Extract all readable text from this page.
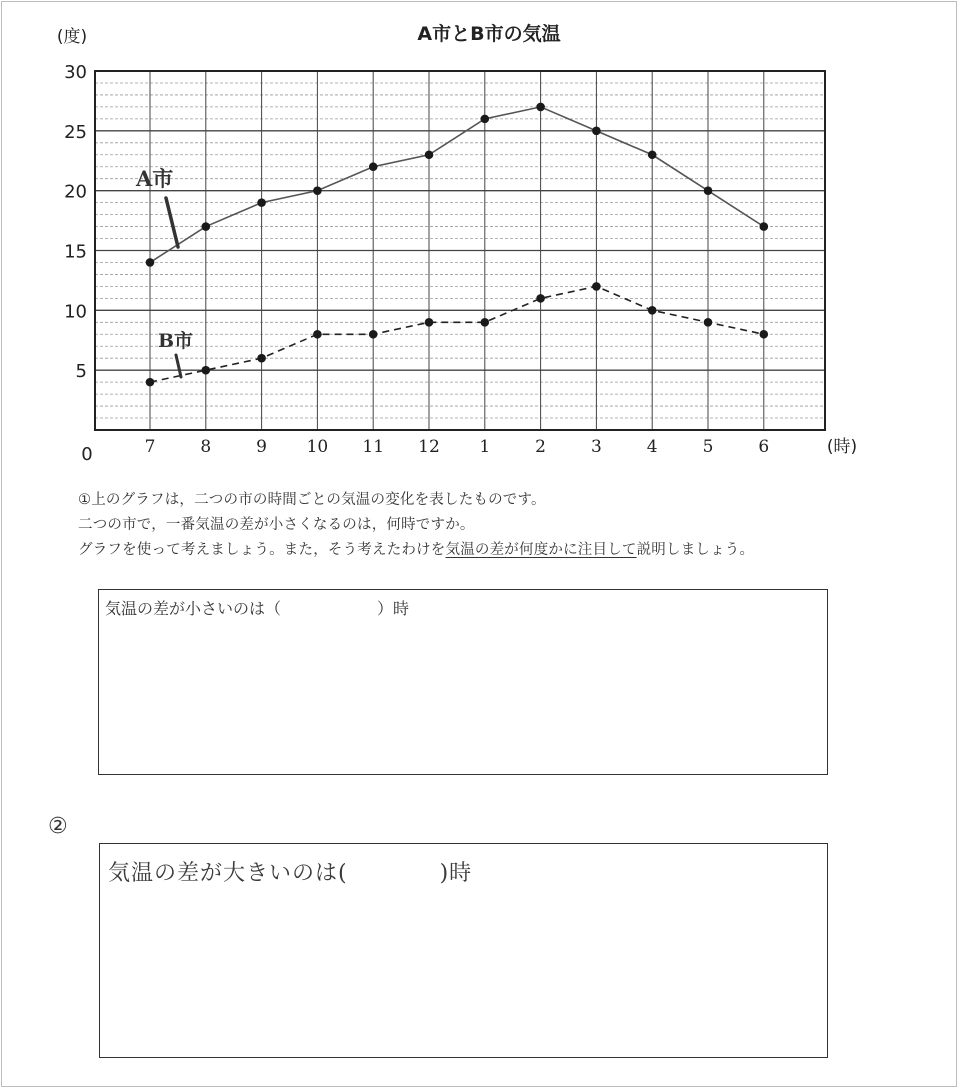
A市とB市の気温
(度)
(時)
0
5
10
15
20
25
30
7	8	9 10 11 12 1	2	3	4	5	6
A市
B市
①上のグラフは，二つの市の時間ごとの気温の変化を表したものです。
二つの市で，一番気温の差が小さくなるのは，何時ですか。
グラフを使って考えましょう。また，そう考えたわけを気温の差が何度かに注目して説明しましょう。
気温の差が小さいのは（　　　　　　）時
②
気温の差が大きいのは(　　　　)時
